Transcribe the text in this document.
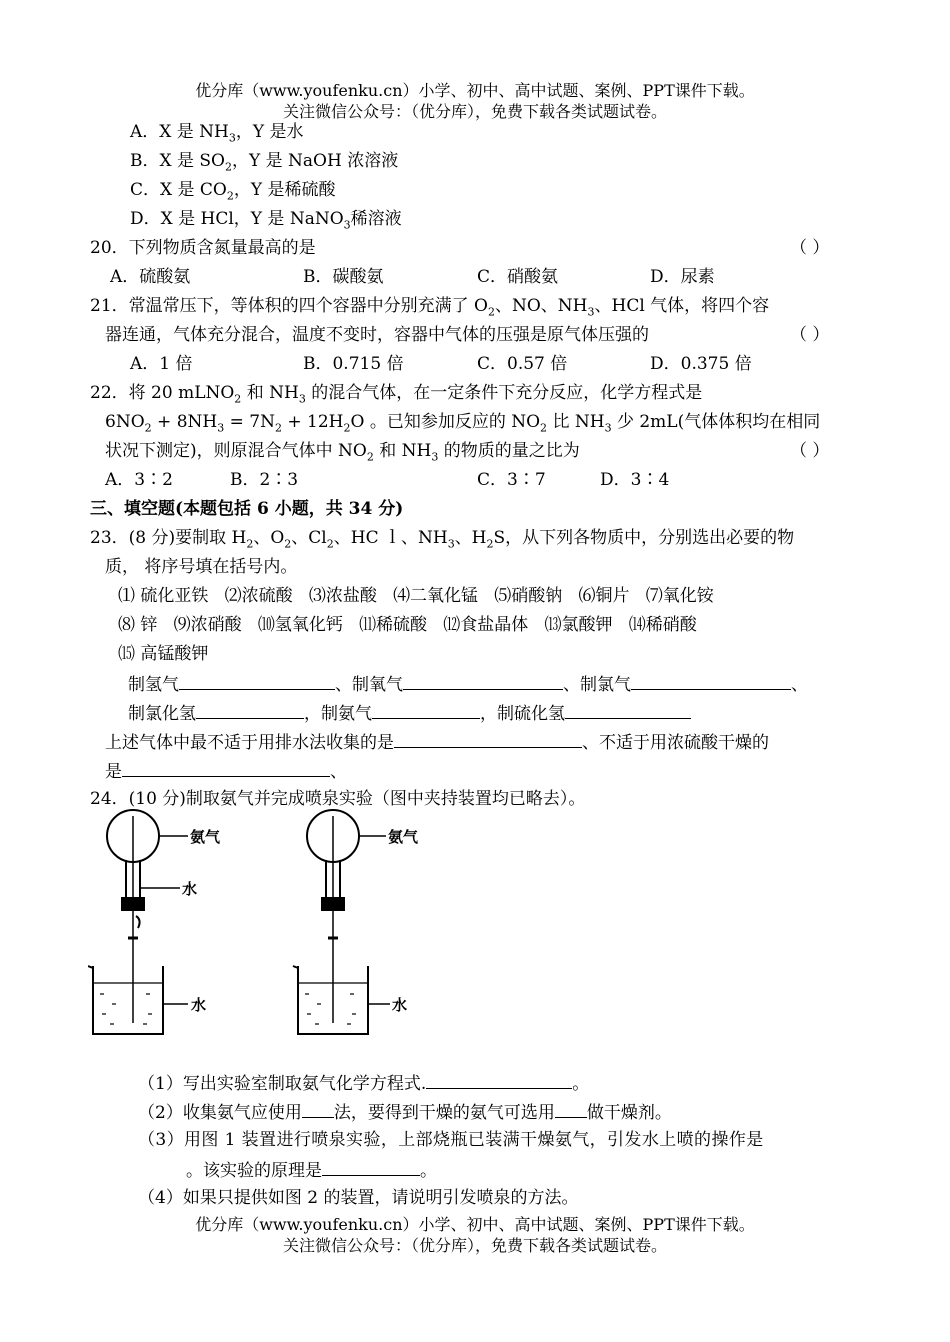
优分库（www.youfenku.cn）小学、初中、高中试题、案例、PPT课件下载。
关注微信公众号：（优分库），免费下载各类试题试卷。
A．X 是 $NH_3$，Y 是水
B．X 是 $SO_2$，Y 是 NaOH 浓溶液
C．X 是 $CO_2$，Y 是稀硫酸
D．X 是 HCl，Y 是 NaNO$_3$稀溶液
20．下列物质含氮量最高的是	（ ）
A．硫酸氨	B．碳酸氨	C．硝酸氨	D．尿素
21．常温常压下，等体积的四个容器中分别充满了 $O_2$、NO、$NH_3$、HCl 气体，将四个容
器连通，气体充分混合，温度不变时，容器中气体的压强是原气体压强的	（ ）
A．1 倍	B．0.715 倍	C．0.57 倍	D．0.375 倍
22．将 20 mLNO$_2$ 和 $NH_3$ 的混合气体，在一定条件下充分反应，化学方程式是
$6NO_2 + 8NH_3 = 7N_2 + 12H_2O$ 。已知参加反应的 $NO_2$ 比 $NH_3$ 少 2mL(气体体积均在相同
状况下测定)，则原混合气体中 $NO_2$ 和 $NH_3$ 的物质的量之比为	（ ）
A．3∶2	B．2∶3	C．3∶7	D．3∶4
三、填空题(本题包括 6 小题，共 34 分)
23．(8 分)要制取 $H_2$、$O_2$、$Cl_2$、HC ｌ、$NH_3$、$H_2S$，从下列各物质中，分别选出必要的物
质， 将序号填在括号内。
⑴ 硫化亚铁 ⑵浓硫酸 ⑶浓盐酸 ⑷二氧化锰 ⑸硝酸钠 ⑹铜片 ⑺氧化铵
⑻ 锌 ⑼浓硝酸 ⑽氢氧化钙 ⑾稀硫酸 ⑿食盐晶体 ⒀氯酸钾 ⒁稀硝酸
⒂ 高锰酸钾
制氢气	、制氧气	、制氯气	、
制氯化氢	，制氨气	，制硫化氢
上述气体中最不适于用排水法收集的是	、不适于用浓硫酸干燥的
是	、
24．(10 分)制取氨气并完成喷泉实验（图中夹持装置均已略去）。
氨气
水
水
氨气
水
（1）写出实验室制取氨气化学方程式.	。
（2）收集氨气应使用 法，要得到干燥的氨气可选用 做干燥剂。
（3）用图 1 装置进行喷泉实验，上部烧瓶已装满干燥氨气，引发水上喷的操作是
。该实验的原理是	。
（4）如果只提供如图 2 的装置，请说明引发喷泉的方法。
优分库（www.youfenku.cn）小学、初中、高中试题、案例、PPT课件下载。
关注微信公众号：（优分库），免费下载各类试题试卷。
